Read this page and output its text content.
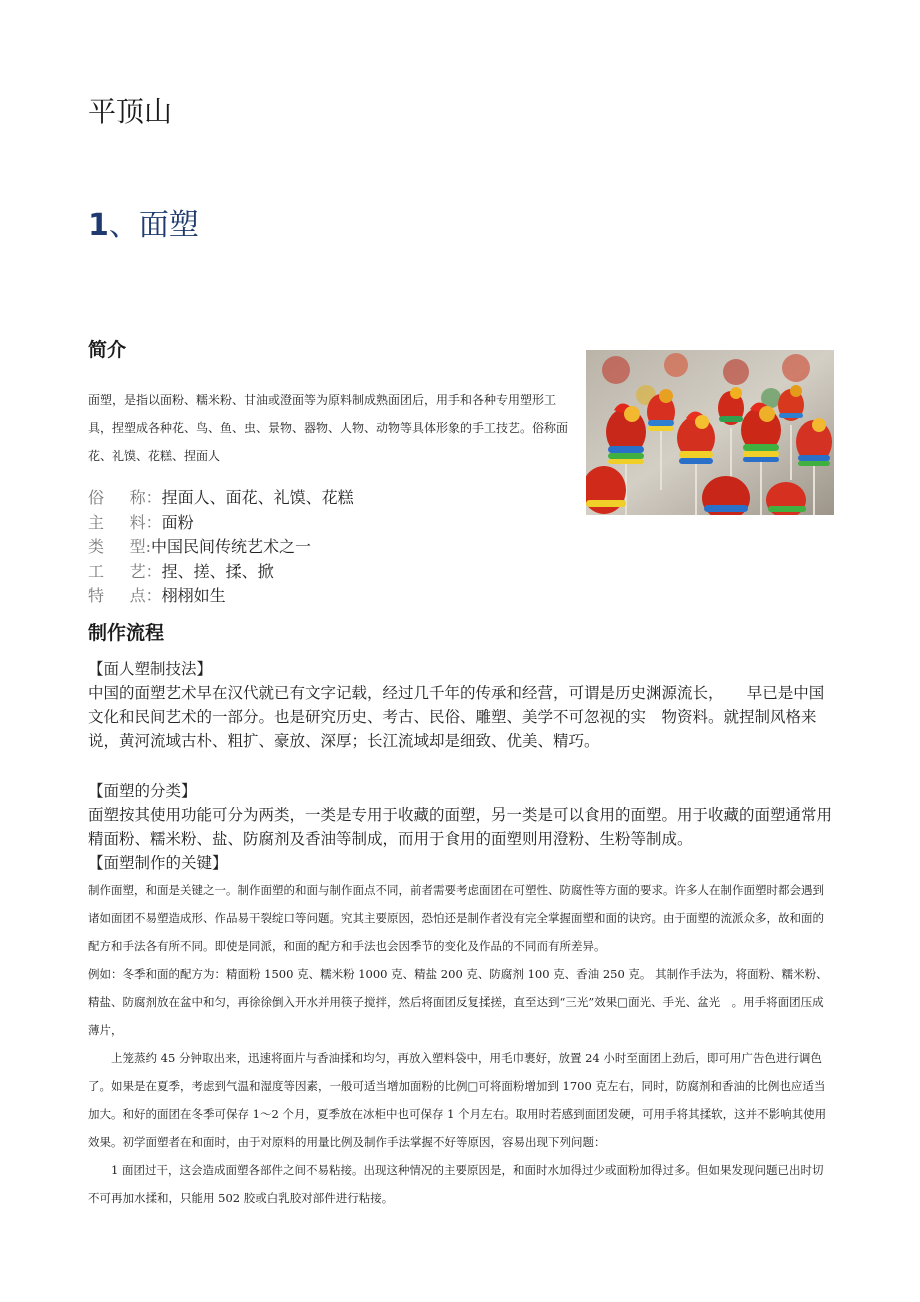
平顶山
1、面塑
简介
面塑，是指以面粉、糯米粉、甘油或澄面等为原料制成熟面团后，用手和各种专用塑形工具，捏塑成各种花、鸟、鱼、虫、景物、器物、人物、动物等具体形象的手工技艺。俗称面花、礼馍、花糕、捏面人
俗 称：捏面人、面花、礼馍、花糕
主 料：面粉
类 型:中国民间传统艺术之一
工 艺：捏、搓、揉、掀
特 点：栩栩如生
制作流程

【面人塑制技法】

中国的面塑艺术早在汉代就已有文字记载，经过几千年的传承和经营，可谓是历史渊源流长，　　早已是中国文化和民间艺术的一部分。也是研究历史、考古、民俗、雕塑、美学不可忽视的实　物资料。就捏制风格来说，黄河流域古朴、粗扩、豪放、深厚；长江流域却是细致、优美、精巧。

【面塑的分类】

面塑按其使用功能可分为两类，一类是专用于收藏的面塑，另一类是可以食用的面塑。用于收藏的面塑通常用精面粉、糯米粉、盐、防腐剂及香油等制成，而用于食用的面塑则用澄粉、生粉等制成。

【面塑制作的关键】

制作面塑，和面是关键之一。制作面塑的和面与制作面点不同，前者需要考虑面团在可塑性、防腐性等方面的要求。许多人在制作面塑时都会遇到诸如面团不易塑造成形、作品易干裂绽口等问题。究其主要原因，恐怕还是制作者没有完全掌握面塑和面的诀窍。由于面塑的流派众多，故和面的配方和手法各有所不同。即使是同派，和面的配方和手法也会因季节的变化及作品的不同而有所差异。

例如：冬季和面的配方为：精面粉 1500 克、糯米粉 1000 克、精盐 200 克、防腐剂 100 克、香油 250 克。 其制作手法为，将面粉、糯米粉、精盐、防腐剂放在盆中和匀，再徐徐倒入开水并用筷子搅拌，然后将面团反复揉搓，直至达到“三光”效果□面光、手光、盆光　。用手将面团压成薄片，

上笼蒸约 45 分钟取出来，迅速将面片与香油揉和均匀，再放入塑料袋中，用毛巾裹好，放置 24 小时至面团上劲后，即可用广告色进行调色了。如果是在夏季，考虑到气温和湿度等因素，一般可适当增加面粉的比例□可将面粉增加到 1700 克左右，同时，防腐剂和香油的比例也应适当加大。和好的面团在冬季可保存 1～2 个月，夏季放在冰柜中也可保存 1 个月左右。取用时若感到面团发硬，可用手将其揉软，这并不影响其使用效果。初学面塑者在和面时，由于对原料的用量比例及制作手法掌握不好等原因，容易出现下列问题：

1 面团过干，这会造成面塑各部件之间不易粘接。出现这种情况的主要原因是，和面时水加得过少或面粉加得过多。但如果发现问题已出时切不可再加水揉和，只能用 502 胶或白乳胶对部件进行粘接。
